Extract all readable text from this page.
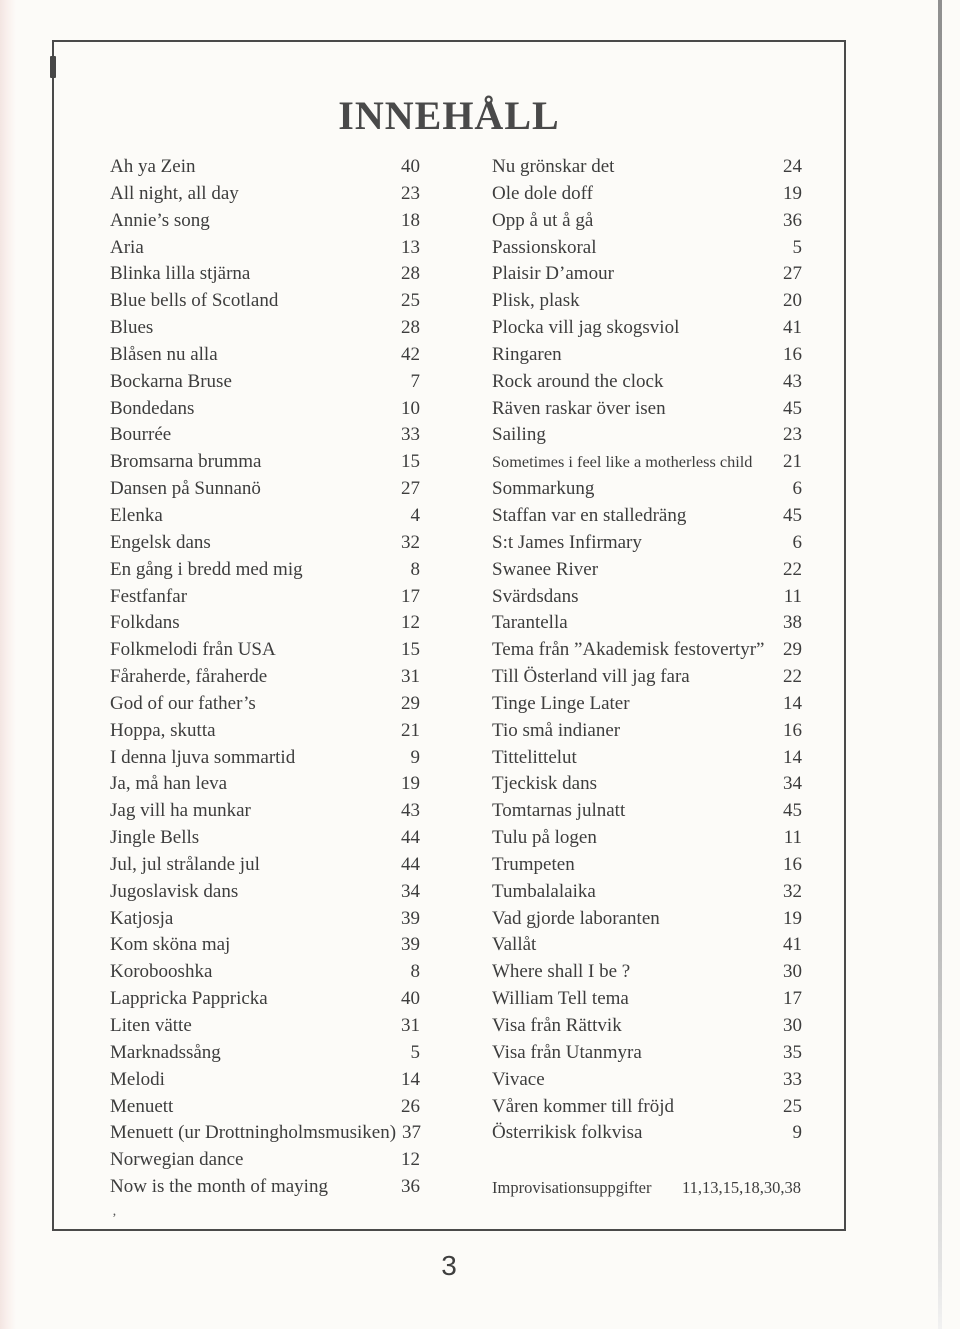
INNEHÅLL
Ah ya Zein	40
All night, all day	23
Annie’s song	18
Aria	13
Blinka lilla stjärna	28
Blue bells of Scotland	25
Blues	28
Blåsen nu alla	42
Bockarna Bruse	7
Bondedans	10
Bourrée	33
Bromsarna brumma	15
Dansen på Sunnanö	27
Elenka	4
Engelsk dans	32
En gång i bredd med mig	8
Festfanfar	17
Folkdans	12
Folkmelodi från USA	15
Fåraherde, fåraherde	31
God of our father’s	29
Hoppa, skutta	21
I denna ljuva sommartid	9
Ja, må han leva	19
Jag vill ha munkar	43
Jingle Bells	44
Jul, jul strålande jul	44
Jugoslavisk dans	34
Katjosja	39
Kom sköna maj	39
Korobooshka	8
Lappricka Pappricka	40
Liten vätte	31
Marknadssång	5
Melodi	14
Menuett	26
Menuett (ur Drottningholmsmusiken) 37
Norwegian dance	12
Now is the month of maying	36
Nu grönskar det	24
Ole dole doff	19
Opp å ut å gå	36
Passionskoral	5
Plaisir D’amour	27
Plisk, plask	20
Plocka vill jag skogsviol	41
Ringaren	16
Rock around the clock	43
Räven raskar över isen	45
Sailing	23
Sometimes i feel like a motherless child 21
Sommarkung	6
Staffan var en stalledräng	45
S:t James Infirmary	6
Swanee River	22
Svärdsdans	11
Tarantella	38
Tema från ”Akademisk festovertyr” 29
Till Österland vill jag fara	22
Tinge Linge Later	14
Tio små indianer	16
Tittelittelut	14
Tjeckisk dans	34
Tomtarnas julnatt	45
Tulu på logen	11
Trumpeten	16
Tumbalalaika	32
Vad gjorde laboranten	19
Vallåt	41
Where shall I be ?	30
William Tell tema	17
Visa från Rättvik	30
Visa från Utanmyra	35
Vivace	33
Våren kommer till fröjd	25
Österrikisk folkvisa	9
Improvisationsuppgifter 11,13,15,18,30,38
‚
3
